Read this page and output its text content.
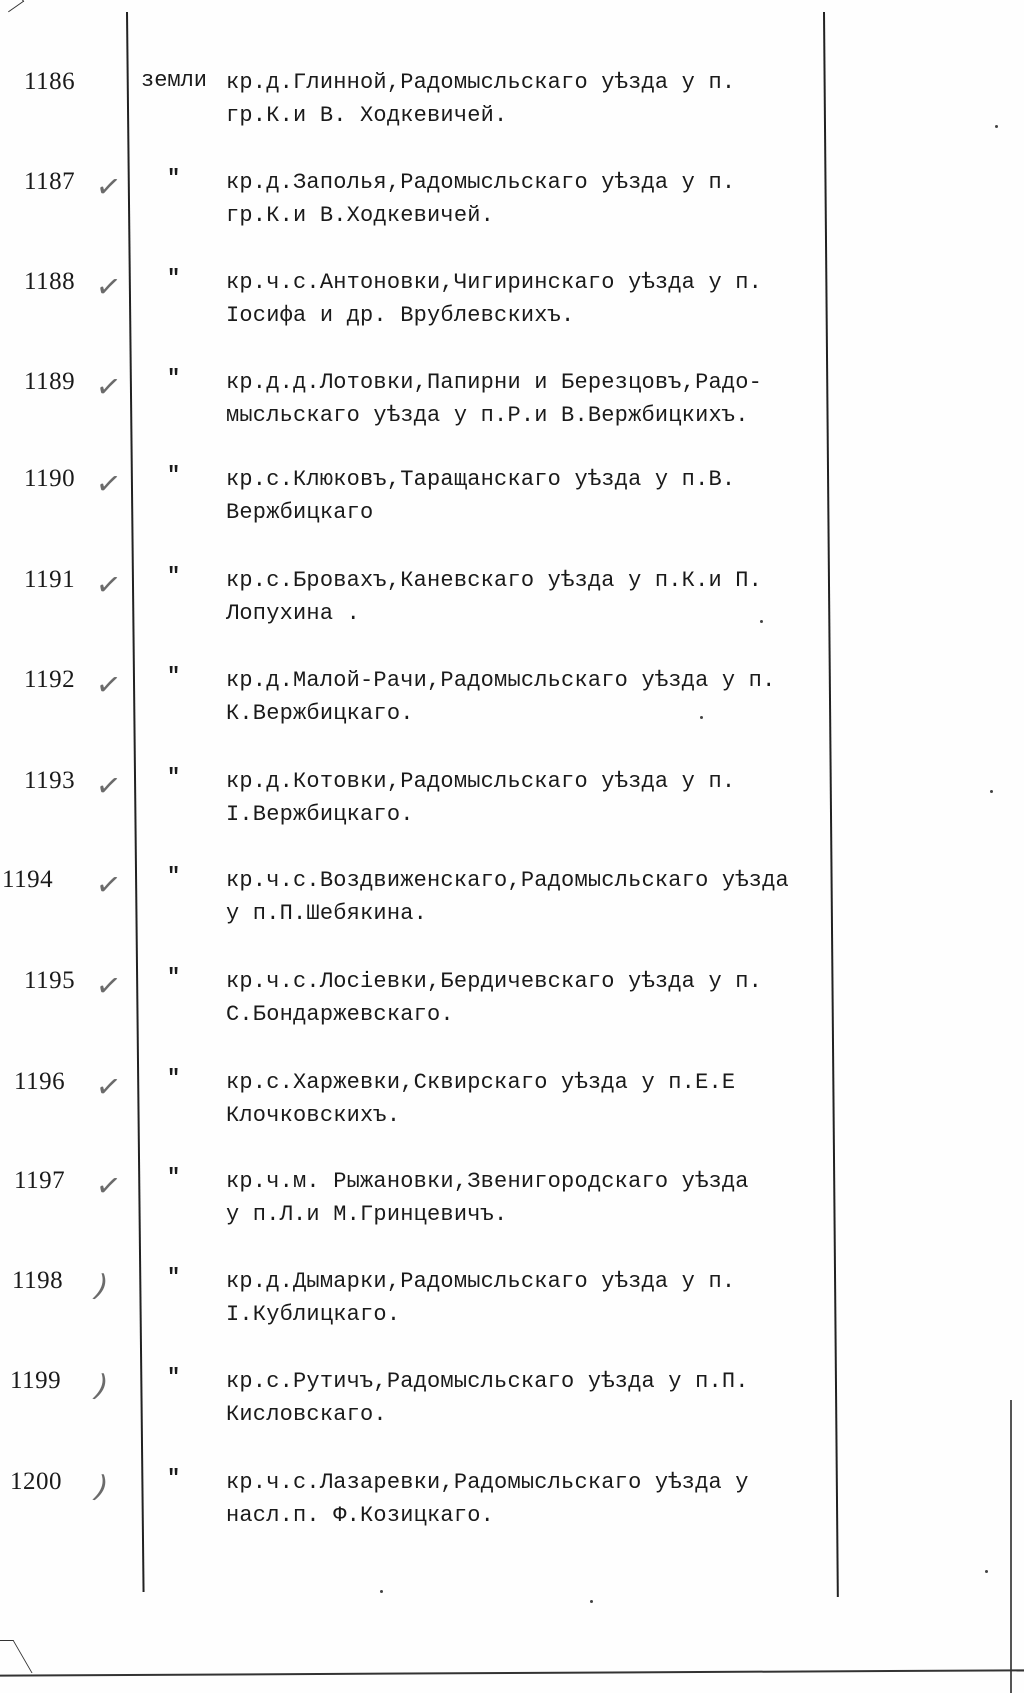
1186	земли кр.д.Глинной,Радомысльскаго уѣзда у п.
гр.К.и В. Ходкевичей.
1187 ✓ " кр.д.Заполья,Радомысльскаго уѣзда у п.
гр.К.и В.Ходкевичей.
1188 ✓ " кр.ч.с.Антоновки,Чигиринскаго уѣзда у п.
Іосифа и др. Врублевскихъ.
1189 ✓ " кр.д.д.Лотовки,Папирни и Березцовъ,Радо-
мысльскаго уѣзда у п.Р.и В.Вержбицкихъ.
1190 ✓ " кр.с.Клюковъ,Таращанскаго уѣзда у п.В.
Вержбицкаго
1191 ✓ " кр.с.Бровахъ,Каневскаго уѣзда у п.К.и П.
Лопухина .
1192 ✓ " кр.д.Малой-Рачи,Радомысльскаго уѣзда у п.
К.Вержбицкаго.
1193 ✓ " кр.д.Котовки,Радомысльскаго уѣзда у п.
І.Вержбицкаго.
1194 ✓ " кр.ч.с.Воздвиженскаго,Радомысльскаго уѣзда
у п.П.Шебякина.
1195 ✓ " кр.ч.с.Лосіевки,Бердичевскаго уѣзда у п.
С.Бондаржевскаго.
1196 ✓ " кр.с.Харжевки,Сквирскаго уѣзда у п.Е.Е
Клочковскихъ.
1197 ✓ " кр.ч.м. Рыжановки,Звенигородскаго уѣзда
у п.Л.и М.Гринцевичъ.
1198 )	" кр.д.Дымарки,Радомысльскаго уѣзда у п.
І.Кублицкаго.
1199 )	" кр.с.Рутичъ,Радомысльскаго уѣзда у п.П.
Кисловскаго.
1200 )	" кр.ч.с.Лазаревки,Радомысльскаго уѣзда у
насл.п. Ф.Козицкаго.
